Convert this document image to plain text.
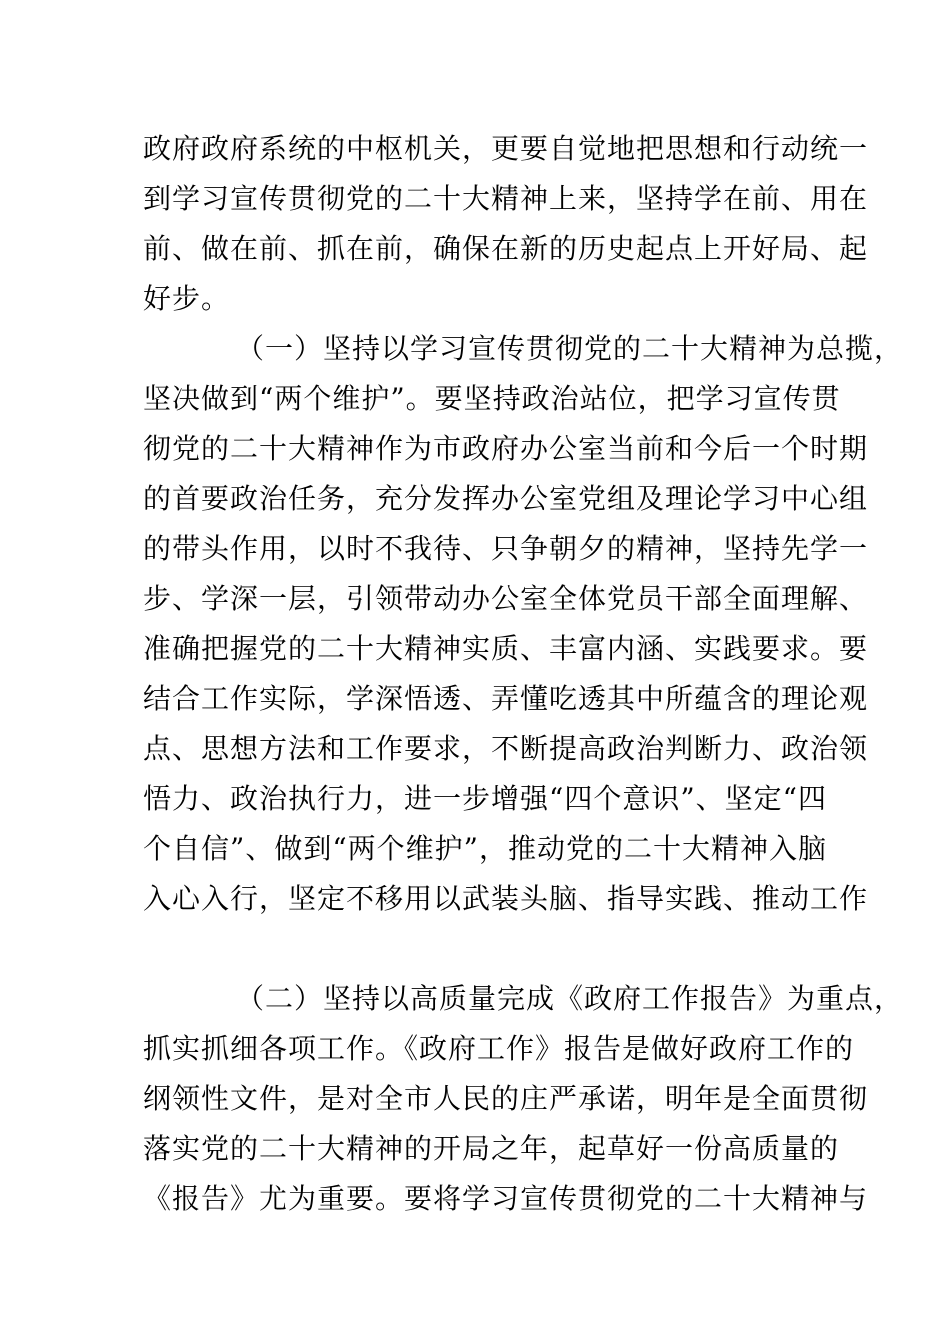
政府政府系统的中枢机关，更要自觉地把思想和行动统一
到学习宣传贯彻党的二十大精神上来，坚持学在前、用在
前、做在前、抓在前，确保在新的历史起点上开好局、起
好步。
（一）坚持以学习宣传贯彻党的二十大精神为总揽，
坚决做到“两个维护”。要坚持政治站位，把学习宣传贯
彻党的二十大精神作为市政府办公室当前和今后一个时期
的首要政治任务，充分发挥办公室党组及理论学习中心组
的带头作用，以时不我待、只争朝夕的精神，坚持先学一
步、学深一层，引领带动办公室全体党员干部全面理解、
准确把握党的二十大精神实质、丰富内涵、实践要求。要
结合工作实际，学深悟透、弄懂吃透其中所蕴含的理论观
点、思想方法和工作要求，不断提高政治判断力、政治领
悟力、政治执行力，进一步增强“四个意识”、坚定“四
个自信”、做到“两个维护”，推动党的二十大精神入脑
入心入行，坚定不移用以武装头脑、指导实践、推动工作
（二）坚持以高质量完成《政府工作报告》为重点，
抓实抓细各项工作。《政府工作》报告是做好政府工作的
纲领性文件，是对全市人民的庄严承诺，明年是全面贯彻
落实党的二十大精神的开局之年，起草好一份高质量的
《报告》尤为重要。要将学习宣传贯彻党的二十大精神与
